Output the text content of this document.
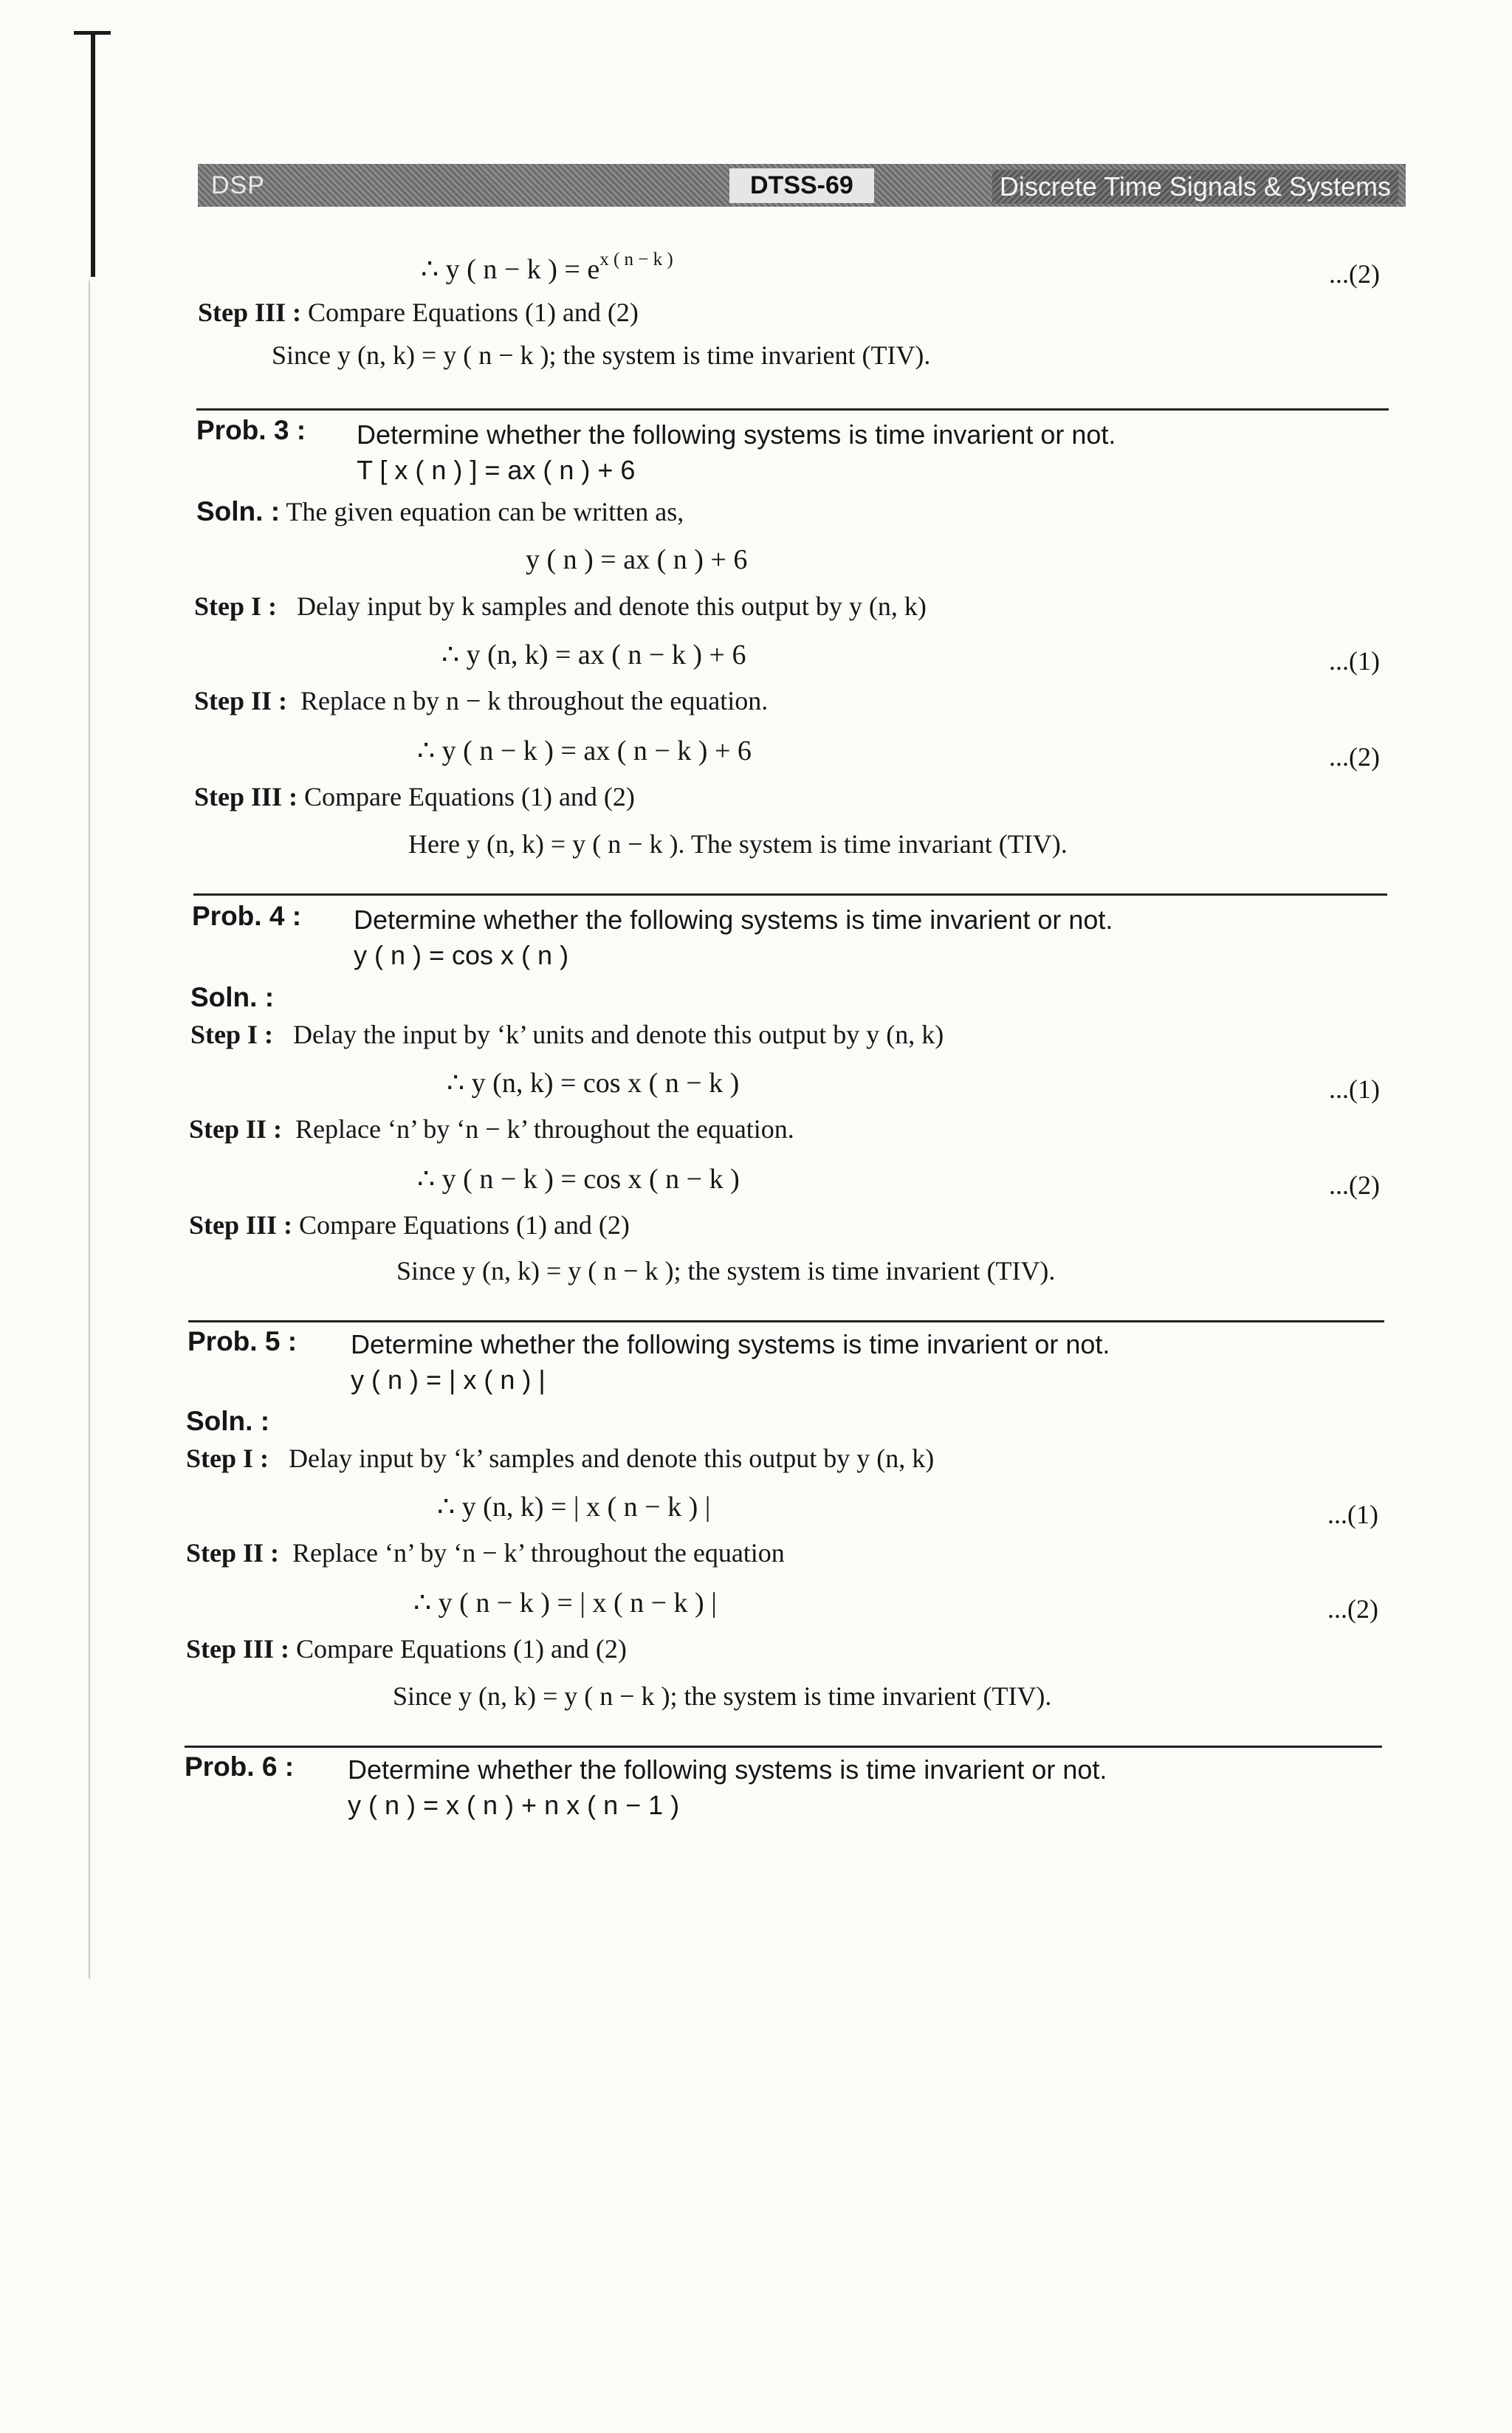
DSP	DTSS-69	Discrete Time Signals & Systems
∴ y ( n − k ) = $e^{x ( n - k )}$	...(2)
Step III : Compare Equations (1) and (2)
Since y (n, k) = y ( n − k ); the system is time invarient (TIV).
Prob. 3 : Determine whether the following systems is time invarient or not.
T [ x ( n ) ] = ax ( n ) + 6
Soln. : The given equation can be written as,
y ( n ) = ax ( n ) + 6
Step I : Delay input by k samples and denote this output by y (n, k)
∴ y (n, k) = ax ( n − k ) + 6	...(1)
Step II : Replace n by n − k throughout the equation.
∴ y ( n − k ) = ax ( n − k ) + 6	...(2)
Step III : Compare Equations (1) and (2)
Here y (n, k) = y ( n − k ). The system is time invariant (TIV).
Prob. 4 : Determine whether the following systems is time invarient or not.
y ( n ) = cos x ( n )
Soln. :
Step I : Delay the input by ‘k’ units and denote this output by y (n, k)
∴ y (n, k) = cos x ( n − k )	...(1)
Step II : Replace ‘n’ by ‘n − k’ throughout the equation.
∴ y ( n − k ) = cos x ( n − k )	...(2)
Step III : Compare Equations (1) and (2)
Since y (n, k) = y ( n − k ); the system is time invarient (TIV).
Prob. 5 : Determine whether the following systems is time invarient or not.
y ( n ) = | x ( n ) |
Soln. :
Step I : Delay input by ‘k’ samples and denote this output by y (n, k)
∴ y (n, k) = | x ( n − k ) |	...(1)
Step II : Replace ‘n’ by ‘n − k’ throughout the equation
∴ y ( n − k ) = | x ( n − k ) |	...(2)
Step III : Compare Equations (1) and (2)
Since y (n, k) = y ( n − k ); the system is time invarient (TIV).
Prob. 6 : Determine whether the following systems is time invarient or not.
y ( n ) = x ( n ) + n x ( n − 1 )
